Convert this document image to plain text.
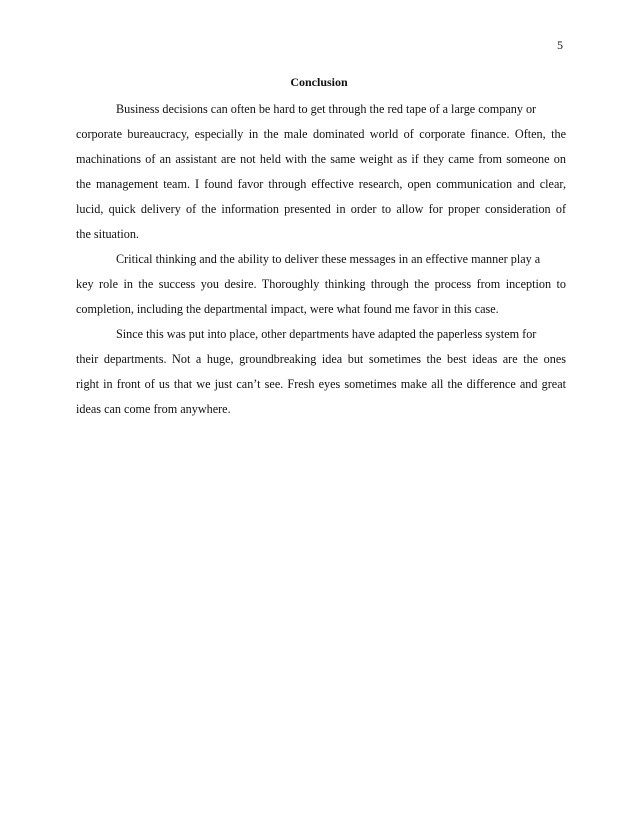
5
Conclusion
Business decisions can often be hard to get through the red tape of a large company or
corporate bureaucracy, especially in the male dominated world of corporate finance. Often, the
machinations of an assistant are not held with the same weight as if they came from someone on
the management team. I found favor through effective research, open communication and clear,
lucid, quick delivery of the information presented in order to allow for proper consideration of
the situation.
Critical thinking and the ability to deliver these messages in an effective manner play a
key role in the success you desire. Thoroughly thinking through the process from inception to
completion, including the departmental impact, were what found me favor in this case.
Since this was put into place, other departments have adapted the paperless system for
their departments. Not a huge, groundbreaking idea but sometimes the best ideas are the ones
right in front of us that we just can’t see. Fresh eyes sometimes make all the difference and great
ideas can come from anywhere.
